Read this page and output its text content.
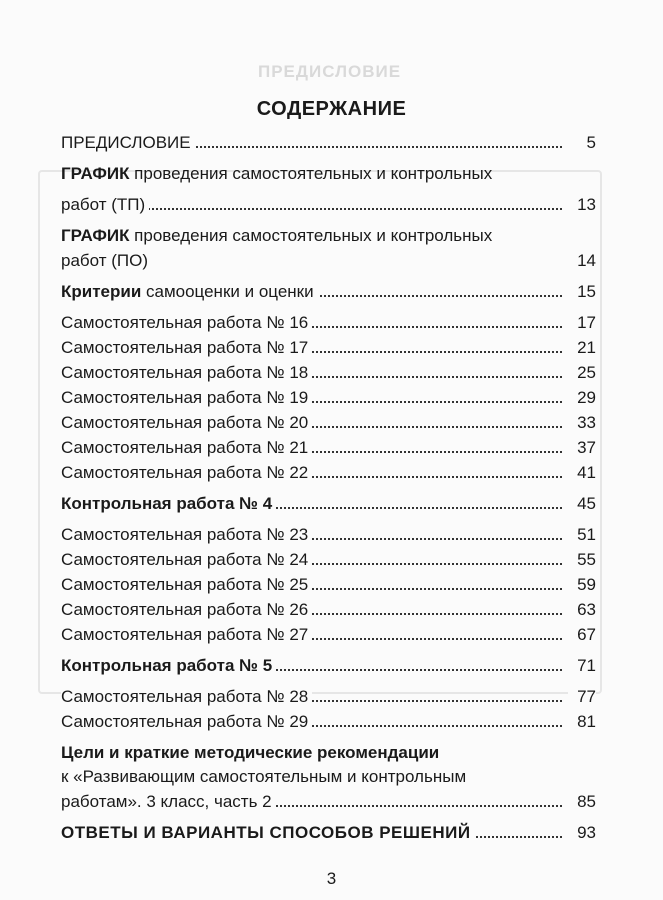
ПРЕДИСЛОВИЕ
СОДЕРЖАНИЕ
ПРЕДИСЛОВИЕ	5
ГРАФИК проведения самостоятельных и контрольных
работ (ТП)	13
ГРАФИК проведения самостоятельных и контрольных
работ (ПО)	14
Критерии самооценки и оценки	15
Самостоятельная работа № 16	17
Самостоятельная работа № 17	21
Самостоятельная работа № 18	25
Самостоятельная работа № 19	29
Самостоятельная работа № 20	33
Самостоятельная работа № 21	37
Самостоятельная работа № 22	41
Контрольная работа № 4	45
Самостоятельная работа № 23	51
Самостоятельная работа № 24	55
Самостоятельная работа № 25	59
Самостоятельная работа № 26	63
Самостоятельная работа № 27	67
Контрольная работа № 5	71
Самостоятельная работа № 28	77
Самостоятельная работа № 29	81
Цели и краткие методические рекомендации
к «Развивающим самостоятельным и контрольным
работам». 3 класс, часть 2	85
ОТВЕТЫ И ВАРИАНТЫ СПОСОБОВ РЕШЕНИЙ	93
3
